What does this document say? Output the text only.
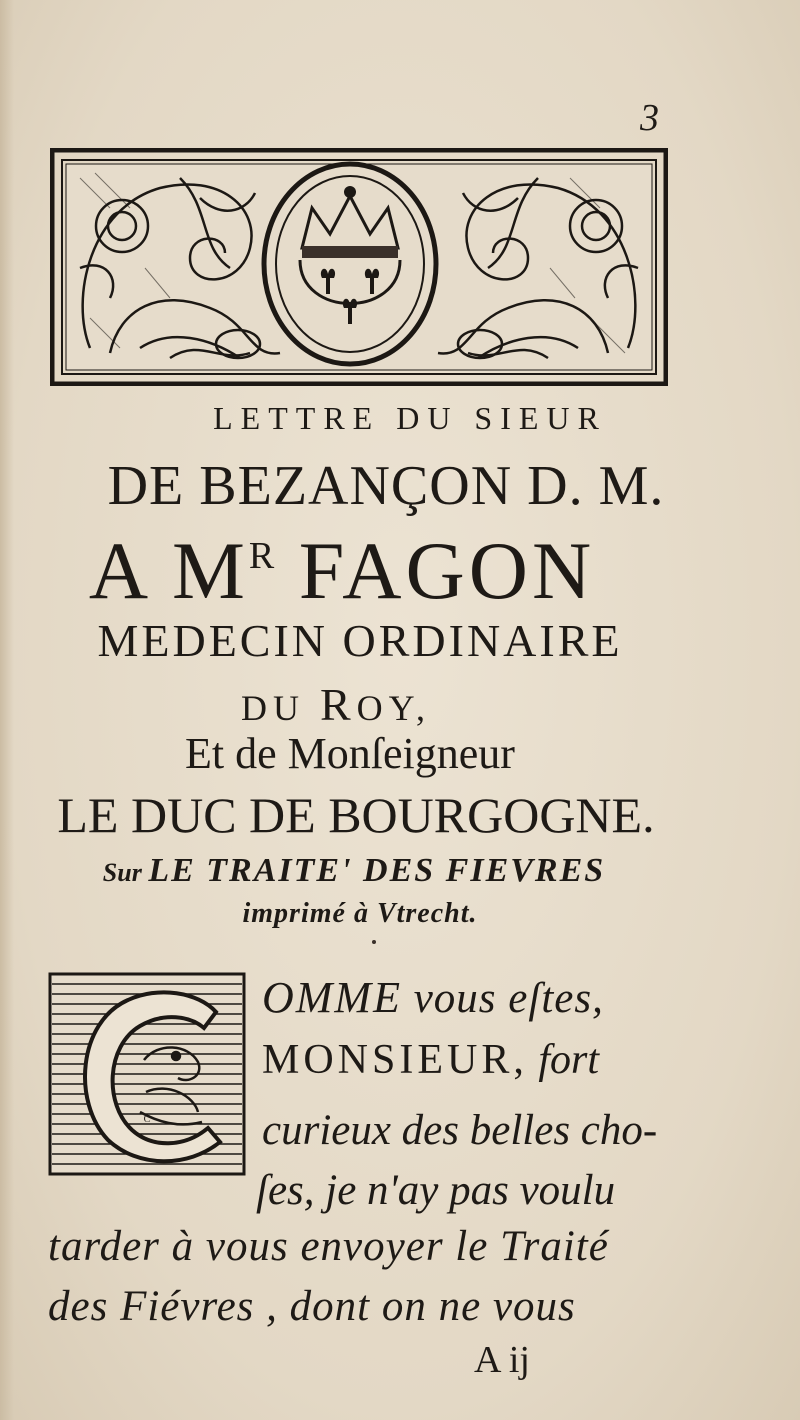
3
LETTRE DU SIEUR
DE BEZANÇON D. M.
A $M^R$ FAGON
MEDECIN ORDINAIRE
DU ROY,
Et de Monſeigneur
LE DUC DE BOURGOGNE.
Sur LE TRAITE' DES FIEVRES
imprimé à Vtrecht.
C
OMME vous eſtes,
MONSIEUR, fort
curieux des belles cho-
ſes, je n'ay pas voulu
tarder à vous envoyer le Traité
des Fiévres , dont on ne vous
A ij
